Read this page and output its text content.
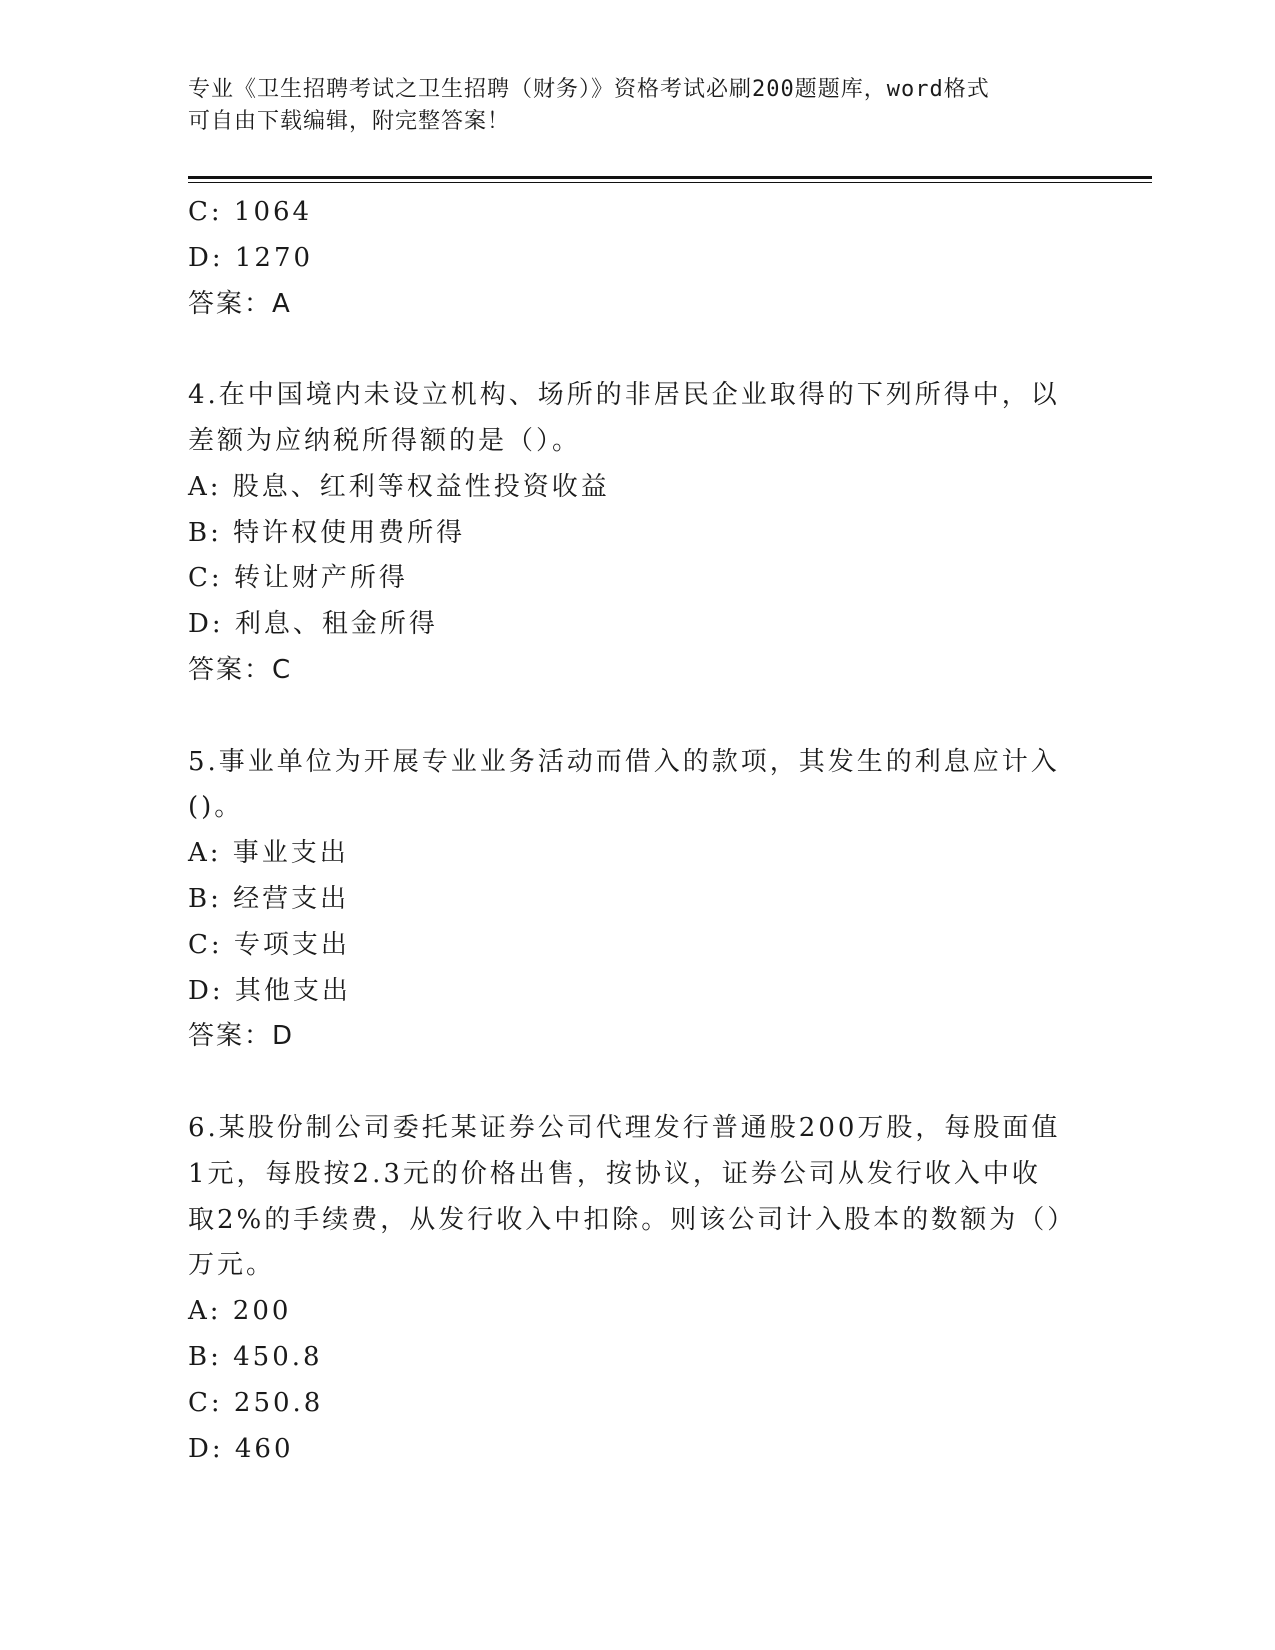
专业《卫生招聘考试之卫生招聘（财务）》资格考试必刷200题题库，word格式
可自由下载编辑，附完整答案！
C: 1064
D: 1270
答案：A
4.在中国境内未设立机构、场所的非居民企业取得的下列所得中，以
差额为应纳税所得额的是（）。
A: 股息、红利等权益性投资收益
B: 特许权使用费所得
C: 转让财产所得
D: 利息、租金所得
答案：C
5.事业单位为开展专业业务活动而借入的款项，其发生的利息应计入
()。
A: 事业支出
B: 经营支出
C: 专项支出
D: 其他支出
答案：D
6.某股份制公司委托某证券公司代理发行普通股200万股，每股面值
1元，每股按2.3元的价格出售，按协议，证券公司从发行收入中收
取2%的手续费，从发行收入中扣除。则该公司计入股本的数额为（）
万元。
A: 200
B: 450.8
C: 250.8
D: 460
